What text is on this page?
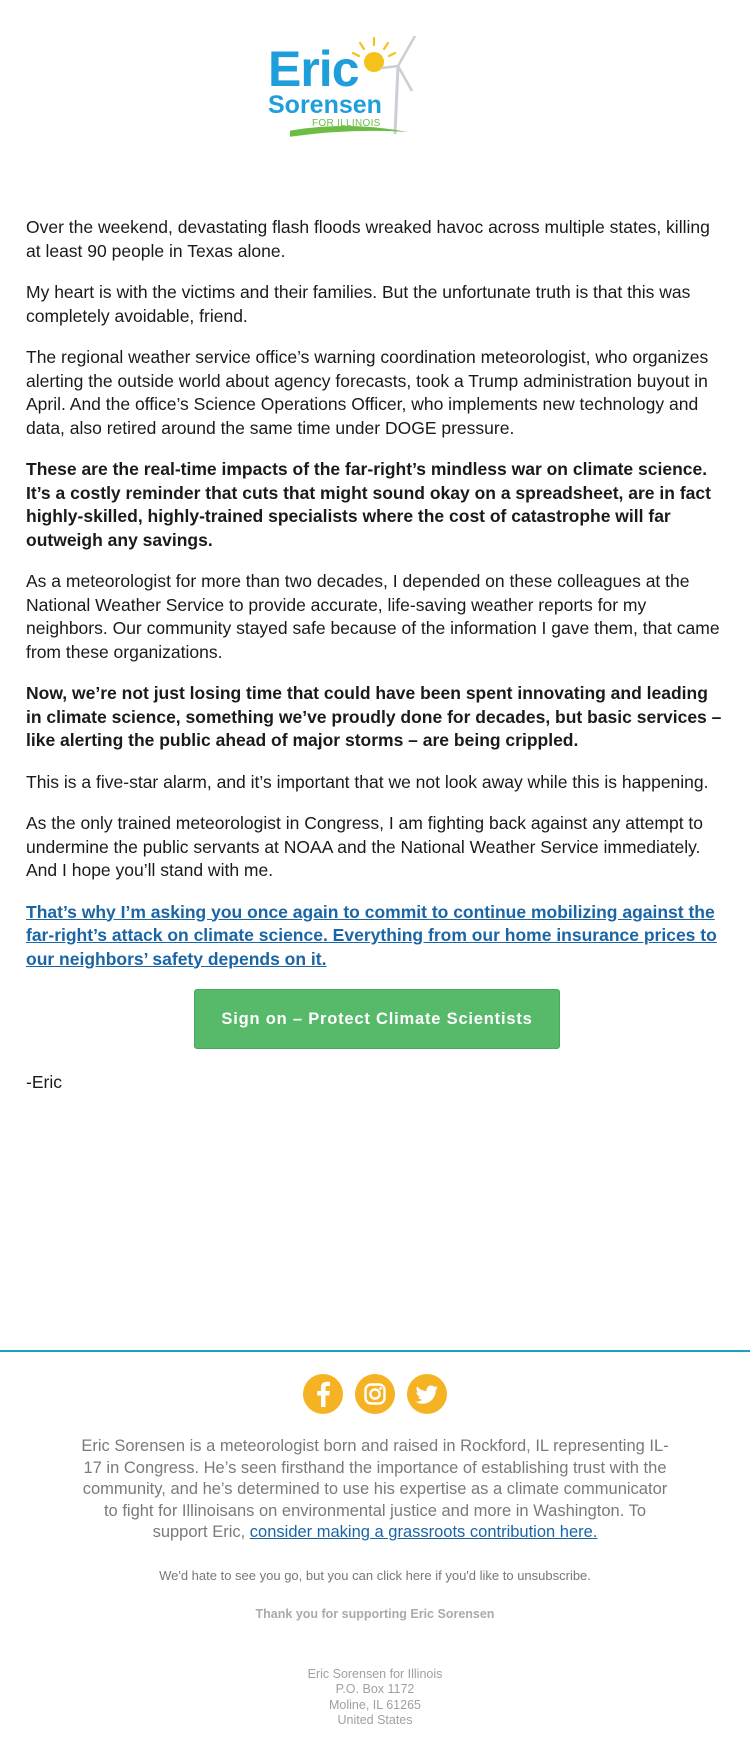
Eric
Sorensen
FOR ILLINOIS

Over the weekend, devastating flash floods wreaked havoc across multiple states, killing at least 90 people in Texas alone.

My heart is with the victims and their families. But the unfortunate truth is that this was completely avoidable, friend.

The regional weather service office’s warning coordination meteorologist, who organizes alerting the outside world about agency forecasts, took a Trump administration buyout in April. And the office’s Science Operations Officer, who implements new technology and data, also retired around the same time under DOGE pressure.

These are the real-time impacts of the far-right’s mindless war on climate science. It’s a costly reminder that cuts that might sound okay on a spreadsheet, are in fact highly-skilled, highly-trained specialists where the cost of catastrophe will far outweigh any savings.

As a meteorologist for more than two decades, I depended on these colleagues at the National Weather Service to provide accurate, life-saving weather reports for my neighbors. Our community stayed safe because of the information I gave them, that came from these organizations.

Now, we’re not just losing time that could have been spent innovating and leading in climate science, something we’ve proudly done for decades, but basic services – like alerting the public ahead of major storms – are being crippled.

This is a five-star alarm, and it’s important that we not look away while this is happening.

As the only trained meteorologist in Congress, I am fighting back against any attempt to undermine the public servants at NOAA and the National Weather Service immediately. And I hope you’ll stand with me.

That’s why I’m asking you once again to commit to continue mobilizing against the far-right’s attack on climate science. Everything from our home insurance prices to our neighbors’ safety depends on it.

Sign on – Protect Climate Scientists

-Eric

Eric Sorensen is a meteorologist born and raised in Rockford, IL representing IL-17 in Congress. He’s seen firsthand the importance of establishing trust with the community, and he’s determined to use his expertise as a climate communicator to fight for Illinoisans on environmental justice and more in Washington. To support Eric, consider making a grassroots contribution here.
We'd hate to see you go, but you can click here if you'd like to unsubscribe.
Thank you for supporting Eric Sorensen
Eric Sorensen for Illinois
P.O. Box 1172
Moline, IL 61265
United States
